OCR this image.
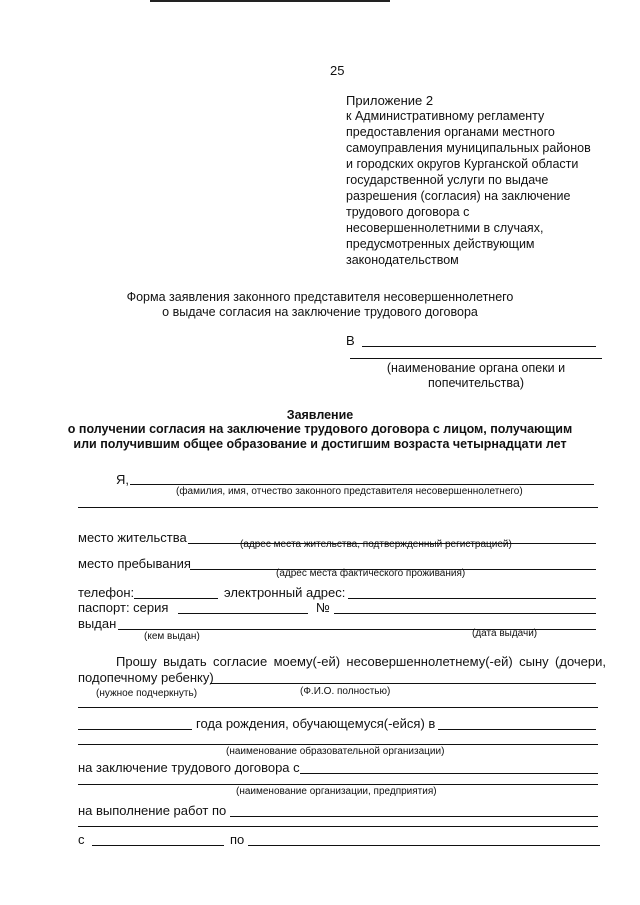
25
Приложение 2
к Административному регламенту
предоставления органами местного
самоуправления муниципальных районов
и городских округов Курганской области
государственной услуги по выдаче
разрешения (согласия) на заключение
трудового договора с
несовершеннолетними в случаях,
предусмотренных действующим
законодательством
Форма заявления законного представителя несовершеннолетнего
о выдаче согласия на заключение трудового договора
В
(наименование органа опеки и
попечительства)
Заявление
о получении согласия на заключение трудового договора с лицом, получающим
или получившим общее образование и достигшим возраста четырнадцати лет
Я,
(фамилия, имя, отчество законного представителя несовершеннолетнего)
место жительства	(адрес места жительства, подтвержденный регистрацией)
место пребывания
(адрес места фактического проживания)
телефон:	электронный адрес:
паспорт: серия	№
выдан
(кем выдан)	(дата выдачи)
Прошу выдать согласие моему(-ей) несовершеннолетнему(-ей) сыну (дочери,
подопечному ребенку)
(нужное подчеркнуть)	(Ф.И.О. полностью)
года рождения, обучающемуся(-ейся) в
(наименование образовательной организации)
на заключение трудового договора с
(наименование организации, предприятия)
на выполнение работ по
с	по
